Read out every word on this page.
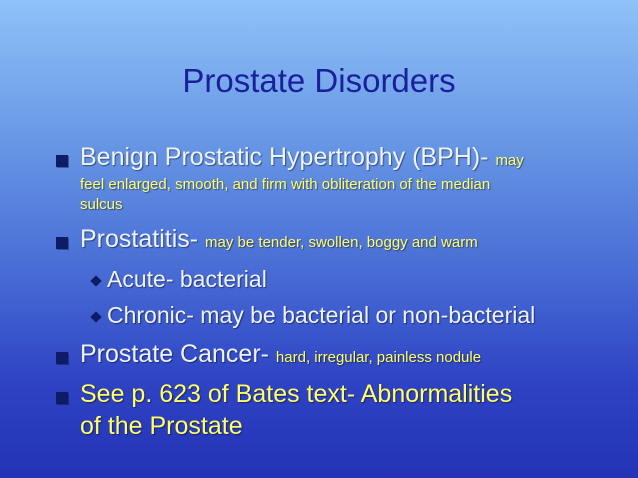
Prostate Disorders
Benign Prostatic Hypertrophy (BPH)- may
feel enlarged, smooth, and firm with obliteration of the median
sulcus
Prostatitis- may be tender, swollen, boggy and warm
Acute- bacterial
Chronic- may be bacterial or non-bacterial
Prostate Cancer- hard, irregular, painless nodule
See p. 623 of Bates text- Abnormalities
of the Prostate
